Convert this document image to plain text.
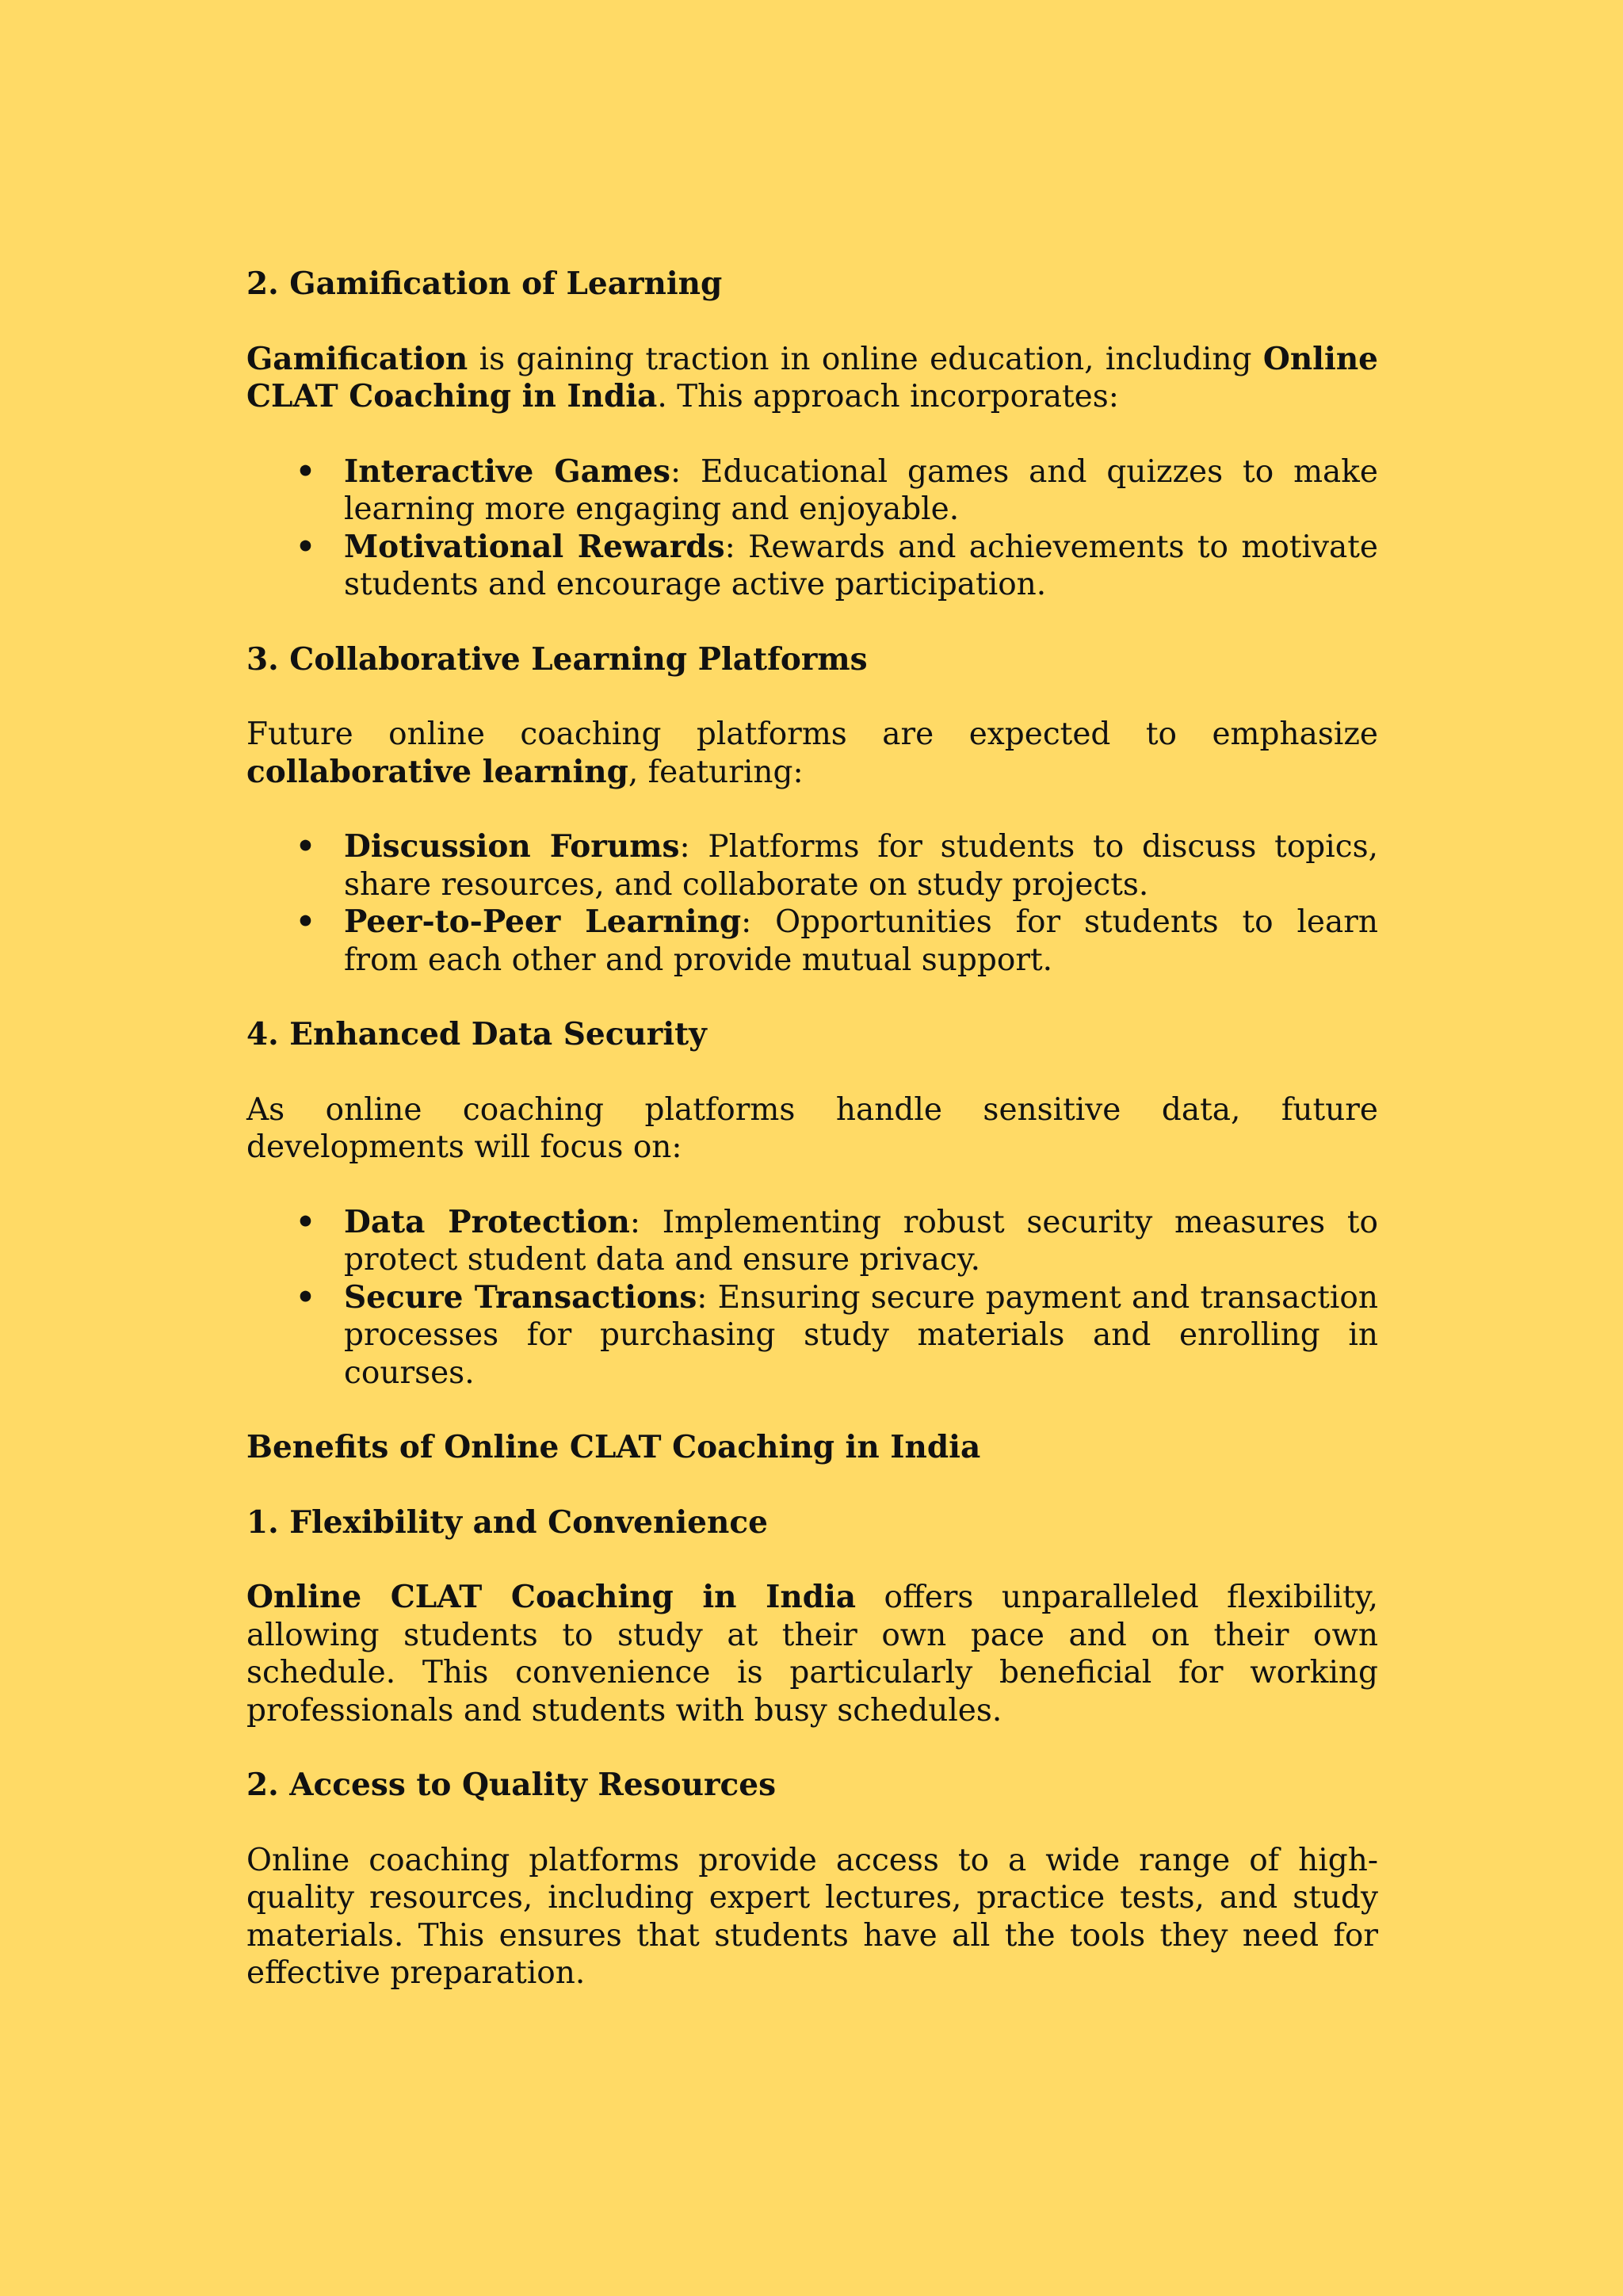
2. Gamification of Learning

Gamification is gaining traction in online education, including Online CLAT Coaching in India. This approach incorporates:

• Interactive Games: Educational games and quizzes to make learning more engaging and enjoyable.
• Motivational Rewards: Rewards and achievements to motivate students and encourage active participation.
3. Collaborative Learning Platforms

Future online coaching platforms are expected to emphasize collaborative learning, featuring:

• Discussion Forums: Platforms for students to discuss topics, share resources, and collaborate on study projects.
• Peer-to-Peer Learning: Opportunities for students to learn from each other and provide mutual support.
4. Enhanced Data Security

As online coaching platforms handle sensitive data, future developments will focus on:

• Data Protection: Implementing robust security measures to protect student data and ensure privacy.
• Secure Transactions: Ensuring secure payment and transaction processes for purchasing study materials and enrolling in courses.
Benefits of Online CLAT Coaching in India
1. Flexibility and Convenience

Online CLAT Coaching in India offers unparalleled flexibility, allowing students to study at their own pace and on their own schedule. This convenience is particularly beneficial for working professionals and students with busy schedules.

2. Access to Quality Resources

Online coaching platforms provide access to a wide range of high-quality resources, including expert lectures, practice tests, and study materials. This ensures that students have all the tools they need for effective preparation.
